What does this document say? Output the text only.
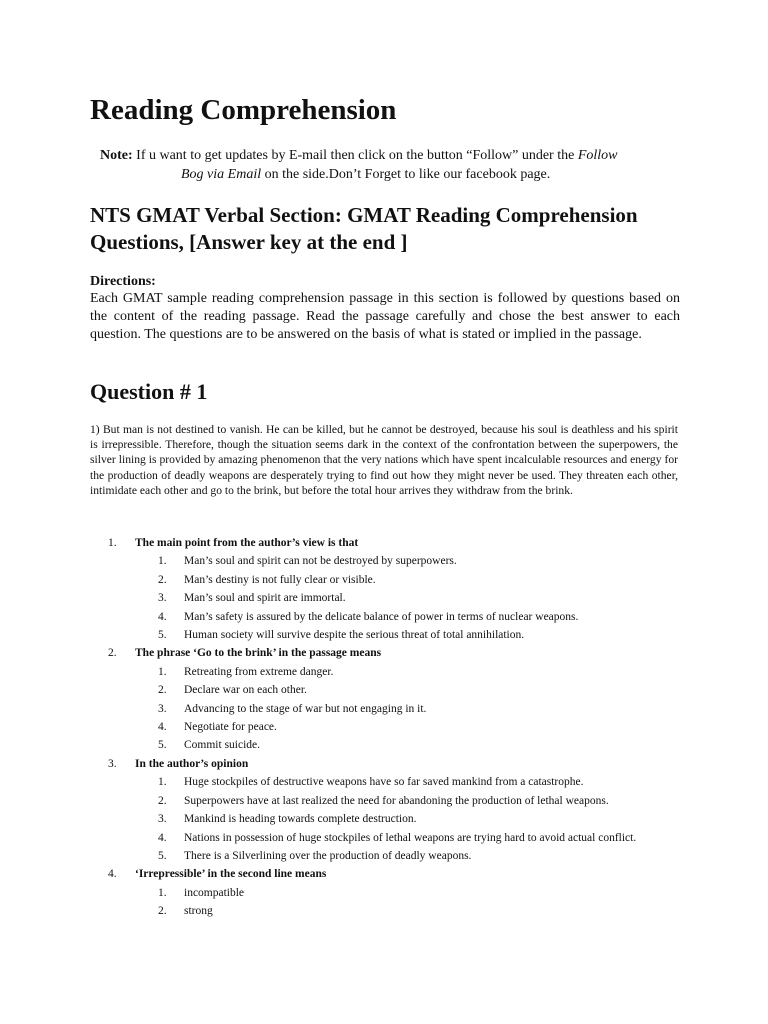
Reading Comprehension
Note: If u want to get updates by E-mail then click on the button “Follow” under the Follow
Bog via Email on the side.Don’t Forget to like our facebook page.
NTS GMAT Verbal Section: GMAT Reading Comprehension Questions, [Answer key at the end ]
Directions:
Each GMAT sample reading comprehension passage in this section is followed by questions based on the content of the reading passage. Read the passage carefully and chose the best answer to each question. The questions are to be answered on the basis of what is stated or implied in the passage.
Question # 1
1) But man is not destined to vanish. He can be killed, but he cannot be destroyed, because his soul is deathless and his spirit is irrepressible. Therefore, though the situation seems dark in the context of the confrontation between the superpowers, the silver lining is provided by amazing phenomenon that the very nations which have spent incalculable resources and energy for the production of deadly weapons are desperately trying to find out how they might never be used. They threaten each other, intimidate each other and go to the brink, but before the total hour arrives they withdraw from the brink.
1. The main point from the author’s view is that
1. Man’s soul and spirit can not be destroyed by superpowers.
2. Man’s destiny is not fully clear or visible.
3. Man’s soul and spirit are immortal.
4. Man’s safety is assured by the delicate balance of power in terms of nuclear weapons.
5. Human society will survive despite the serious threat of total annihilation.
2. The phrase ‘Go to the brink’ in the passage means
1. Retreating from extreme danger.
2. Declare war on each other.
3. Advancing to the stage of war but not engaging in it.
4. Negotiate for peace.
5. Commit suicide.
3. In the author’s opinion
1. Huge stockpiles of destructive weapons have so far saved mankind from a catastrophe.
2. Superpowers have at last realized the need for abandoning the production of lethal weapons.
3. Mankind is heading towards complete destruction.
4. Nations in possession of huge stockpiles of lethal weapons are trying hard to avoid actual conflict.
5. There is a Silverlining over the production of deadly weapons.
4. ‘Irrepressible’ in the second line means
1. incompatible
2. strong
